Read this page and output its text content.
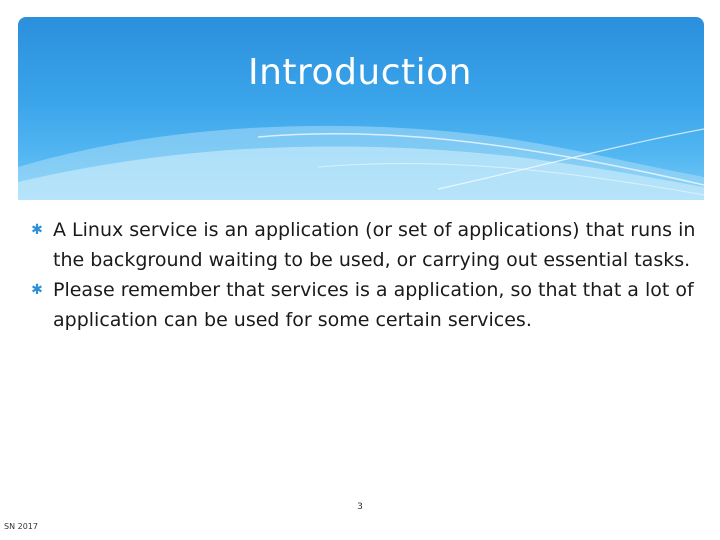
Introduction
✱ A Linux service is an application (or set of applications) that runs in the background waiting to be used, or carrying out essential tasks.
✱ Please remember that services is a application, so that that a lot of application can be used for some certain services.
3
SN 2017
